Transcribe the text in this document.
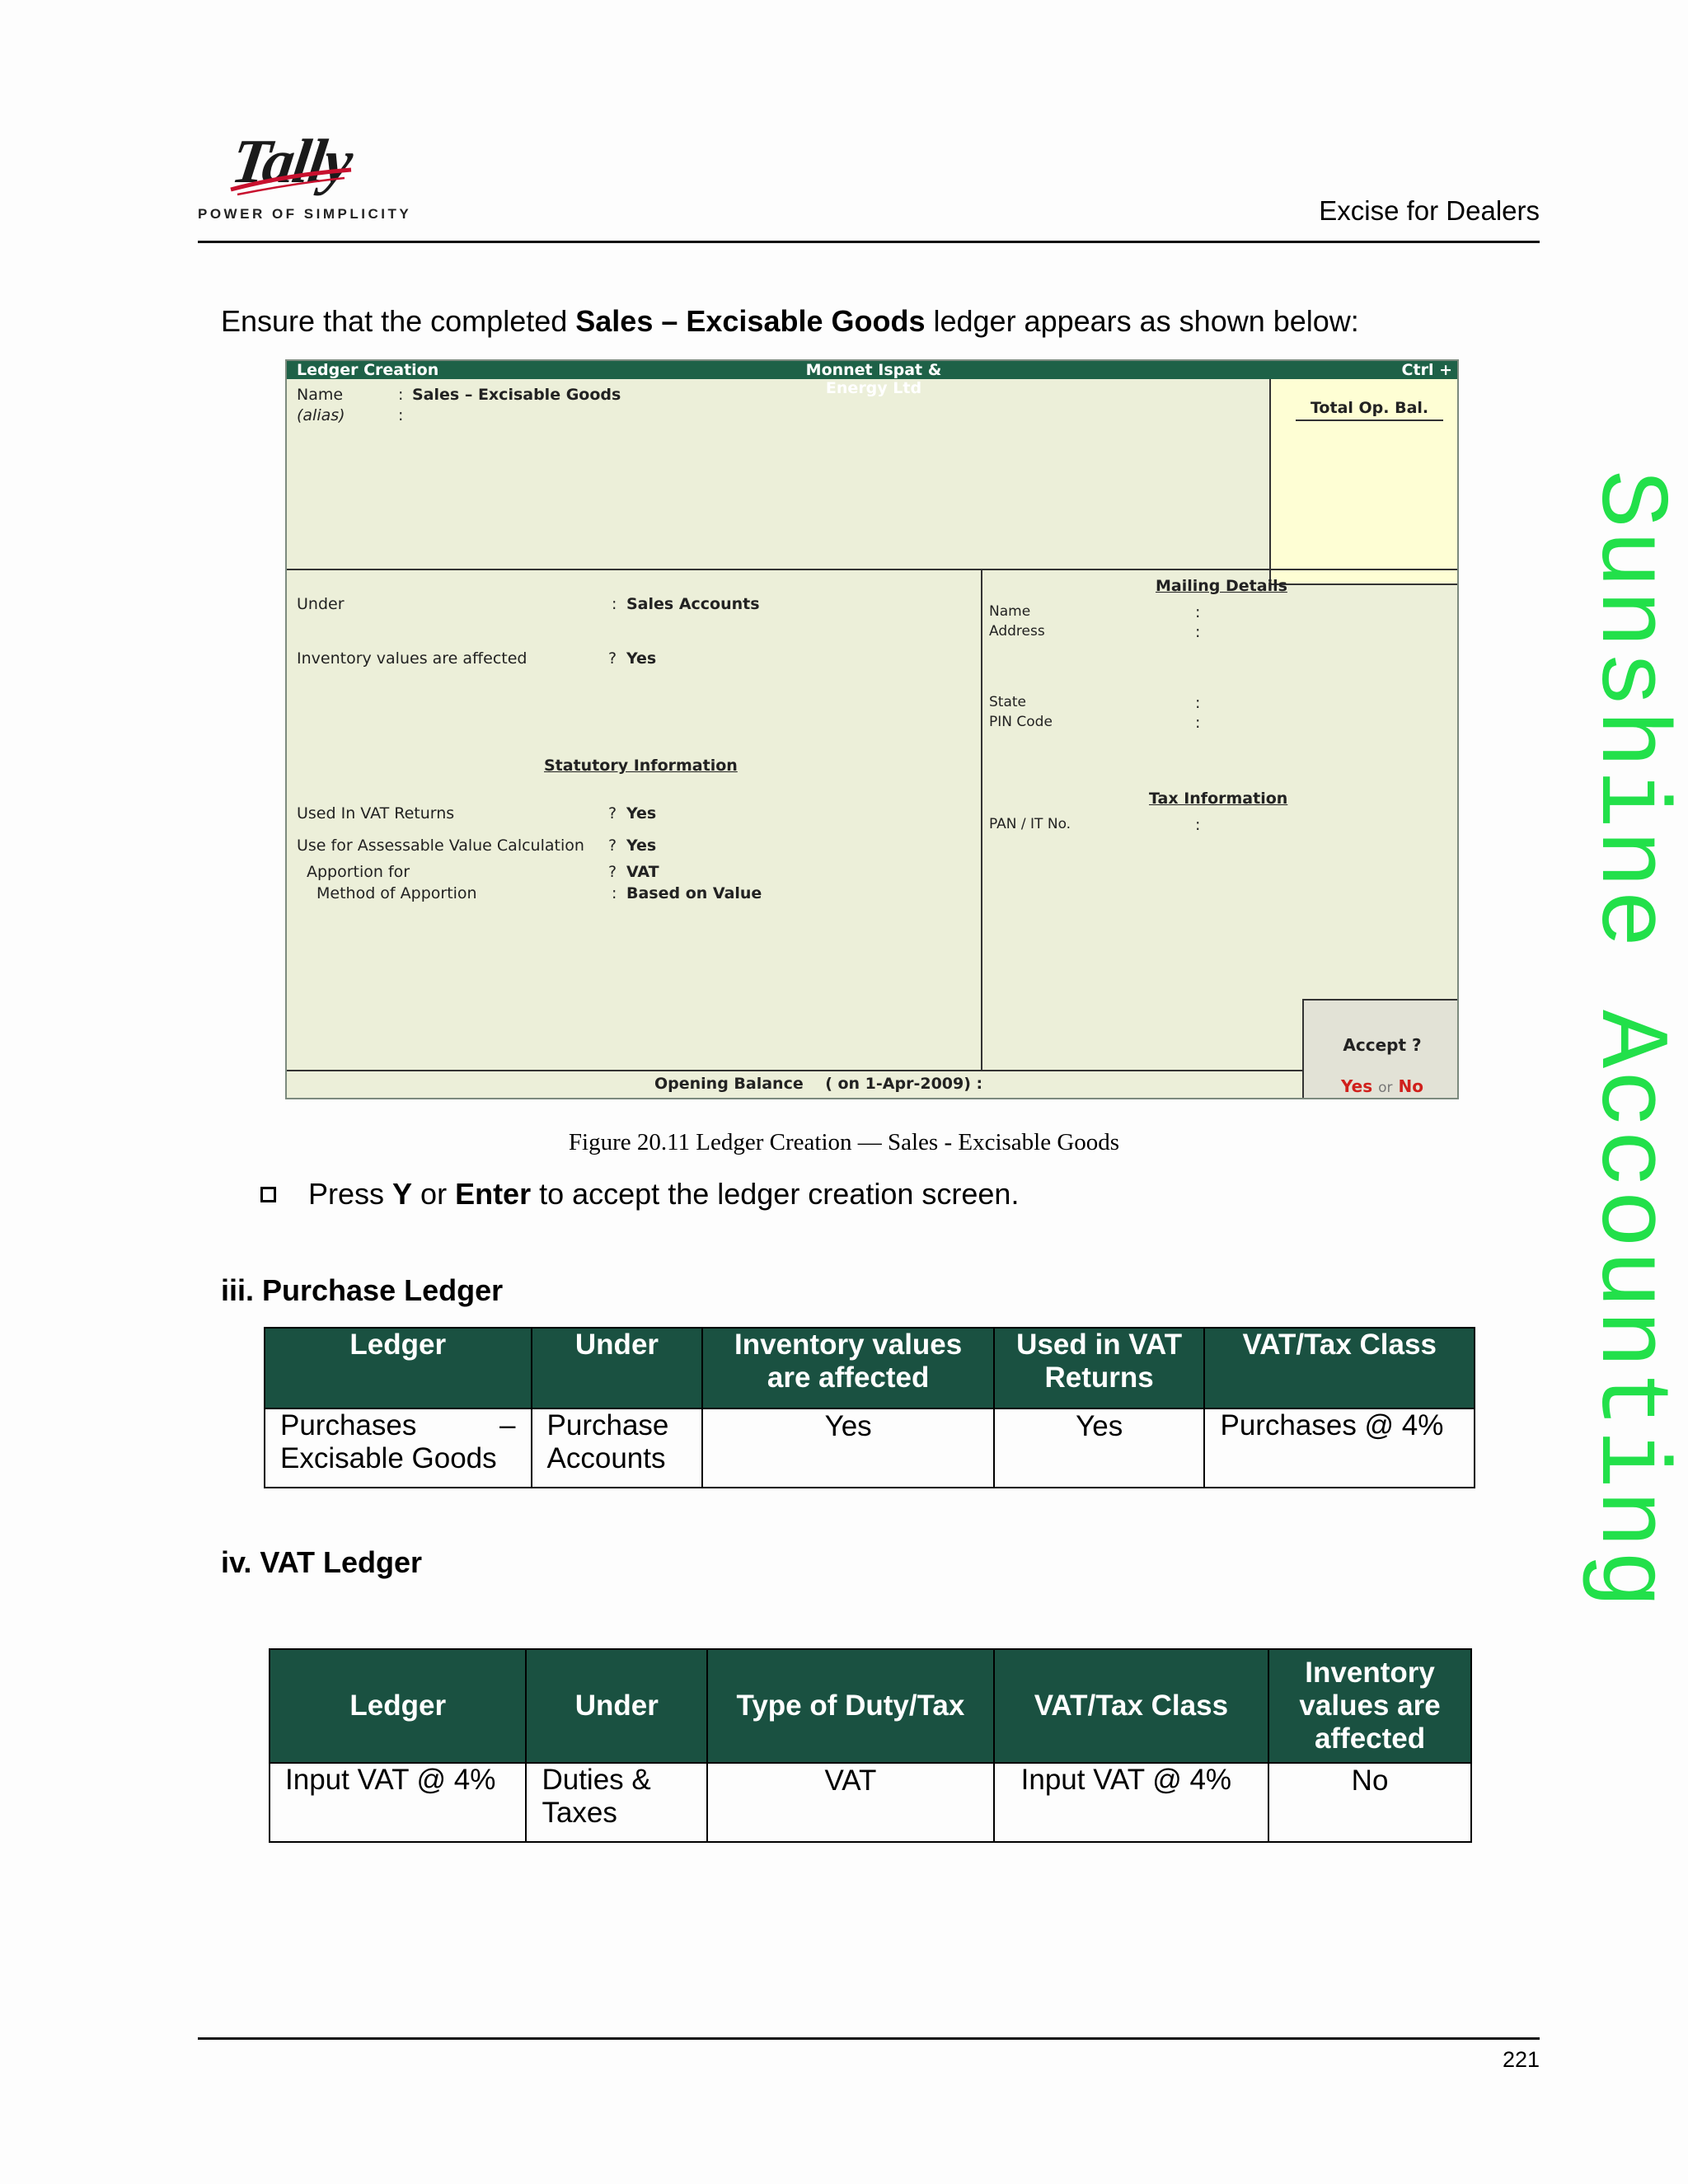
Tally
POWER OF SIMPLICITY	Excise for Dealers
Ensure that the completed Sales – Excisable Goods ledger appears as shown below:
Ledger Creation	Monnet Ispat & Energy Ltd
Ctrl +
Total Op. Bal.
Name	: Sales – Excisable Goods
(alias)	:
Under	: Sales Accounts
Inventory values are affected	? Yes
Statutory Information
Used In VAT Returns	? Yes
Use for Assessable Value Calculation ? Yes
Apportion for	? VAT
Method of Apportion	: Based on Value
Mailing Details
Name	:
Address	:
State	:
PIN Code	:
Tax Information
PAN / IT No.	:
Opening Balance    ( on 1-Apr-2009) :
Accept ?
Yes or No
Figure 20.11 Ledger Creation — Sales - Excisable Goods
Press Y or Enter to accept the ledger creation screen.
iii. Purchase Ledger
Ledger	Under	Inventory values are affected	Used in VAT Returns	VAT/Tax Class
Purchases – Excisable Goods	Purchase Accounts	Yes	Yes	Purchases @ 4%
iv. VAT Ledger
Ledger	Under	Type of Duty/Tax	VAT/Tax Class	Inventory values are affected
Input VAT @ 4%	Duties & Taxes	VAT	Input VAT @ 4%	No
Sunshine Accounting
221
